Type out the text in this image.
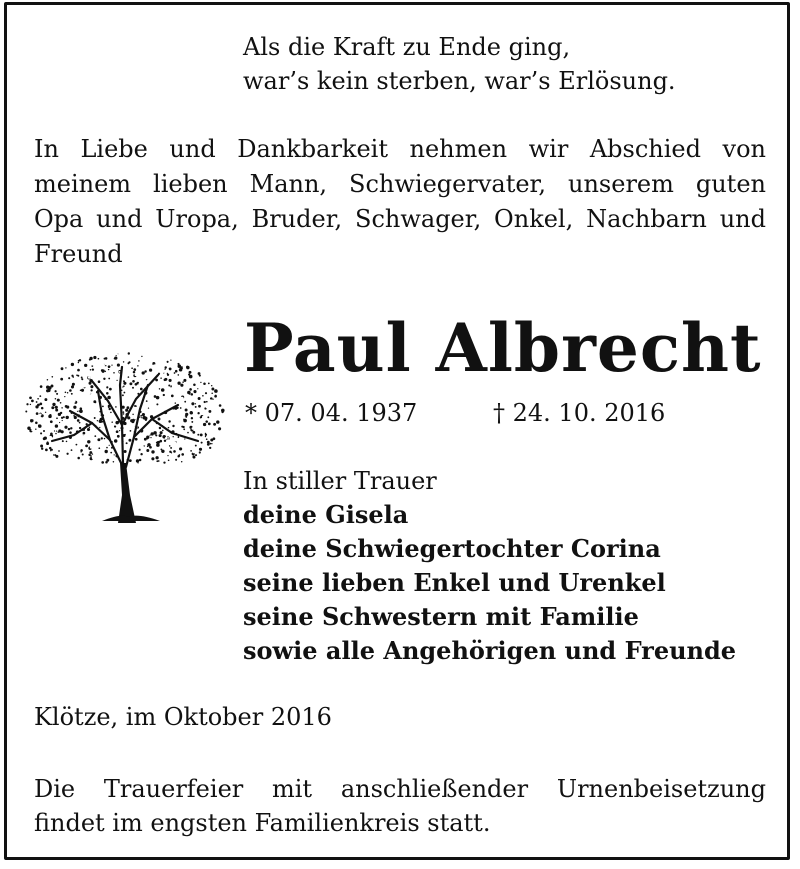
Als die Kraft zu Ende ging,
war’s kein sterben, war’s Erlösung.
In Liebe und Dankbarkeit nehmen wir Abschied von
meinem lieben Mann, Schwiegervater, unserem guten
Opa und Uropa, Bruder, Schwager, Onkel, Nachbarn und
Freund
Paul Albrecht
* 07. 04. 1937	† 24. 10. 2016
In stiller Trauer
deine Gisela
deine Schwiegertochter Corina
seine lieben Enkel und Urenkel
seine Schwestern mit Familie
sowie alle Angehörigen und Freunde
Klötze, im Oktober 2016
Die Trauerfeier mit anschließender Urnenbeisetzung
findet im engsten Familienkreis statt.
